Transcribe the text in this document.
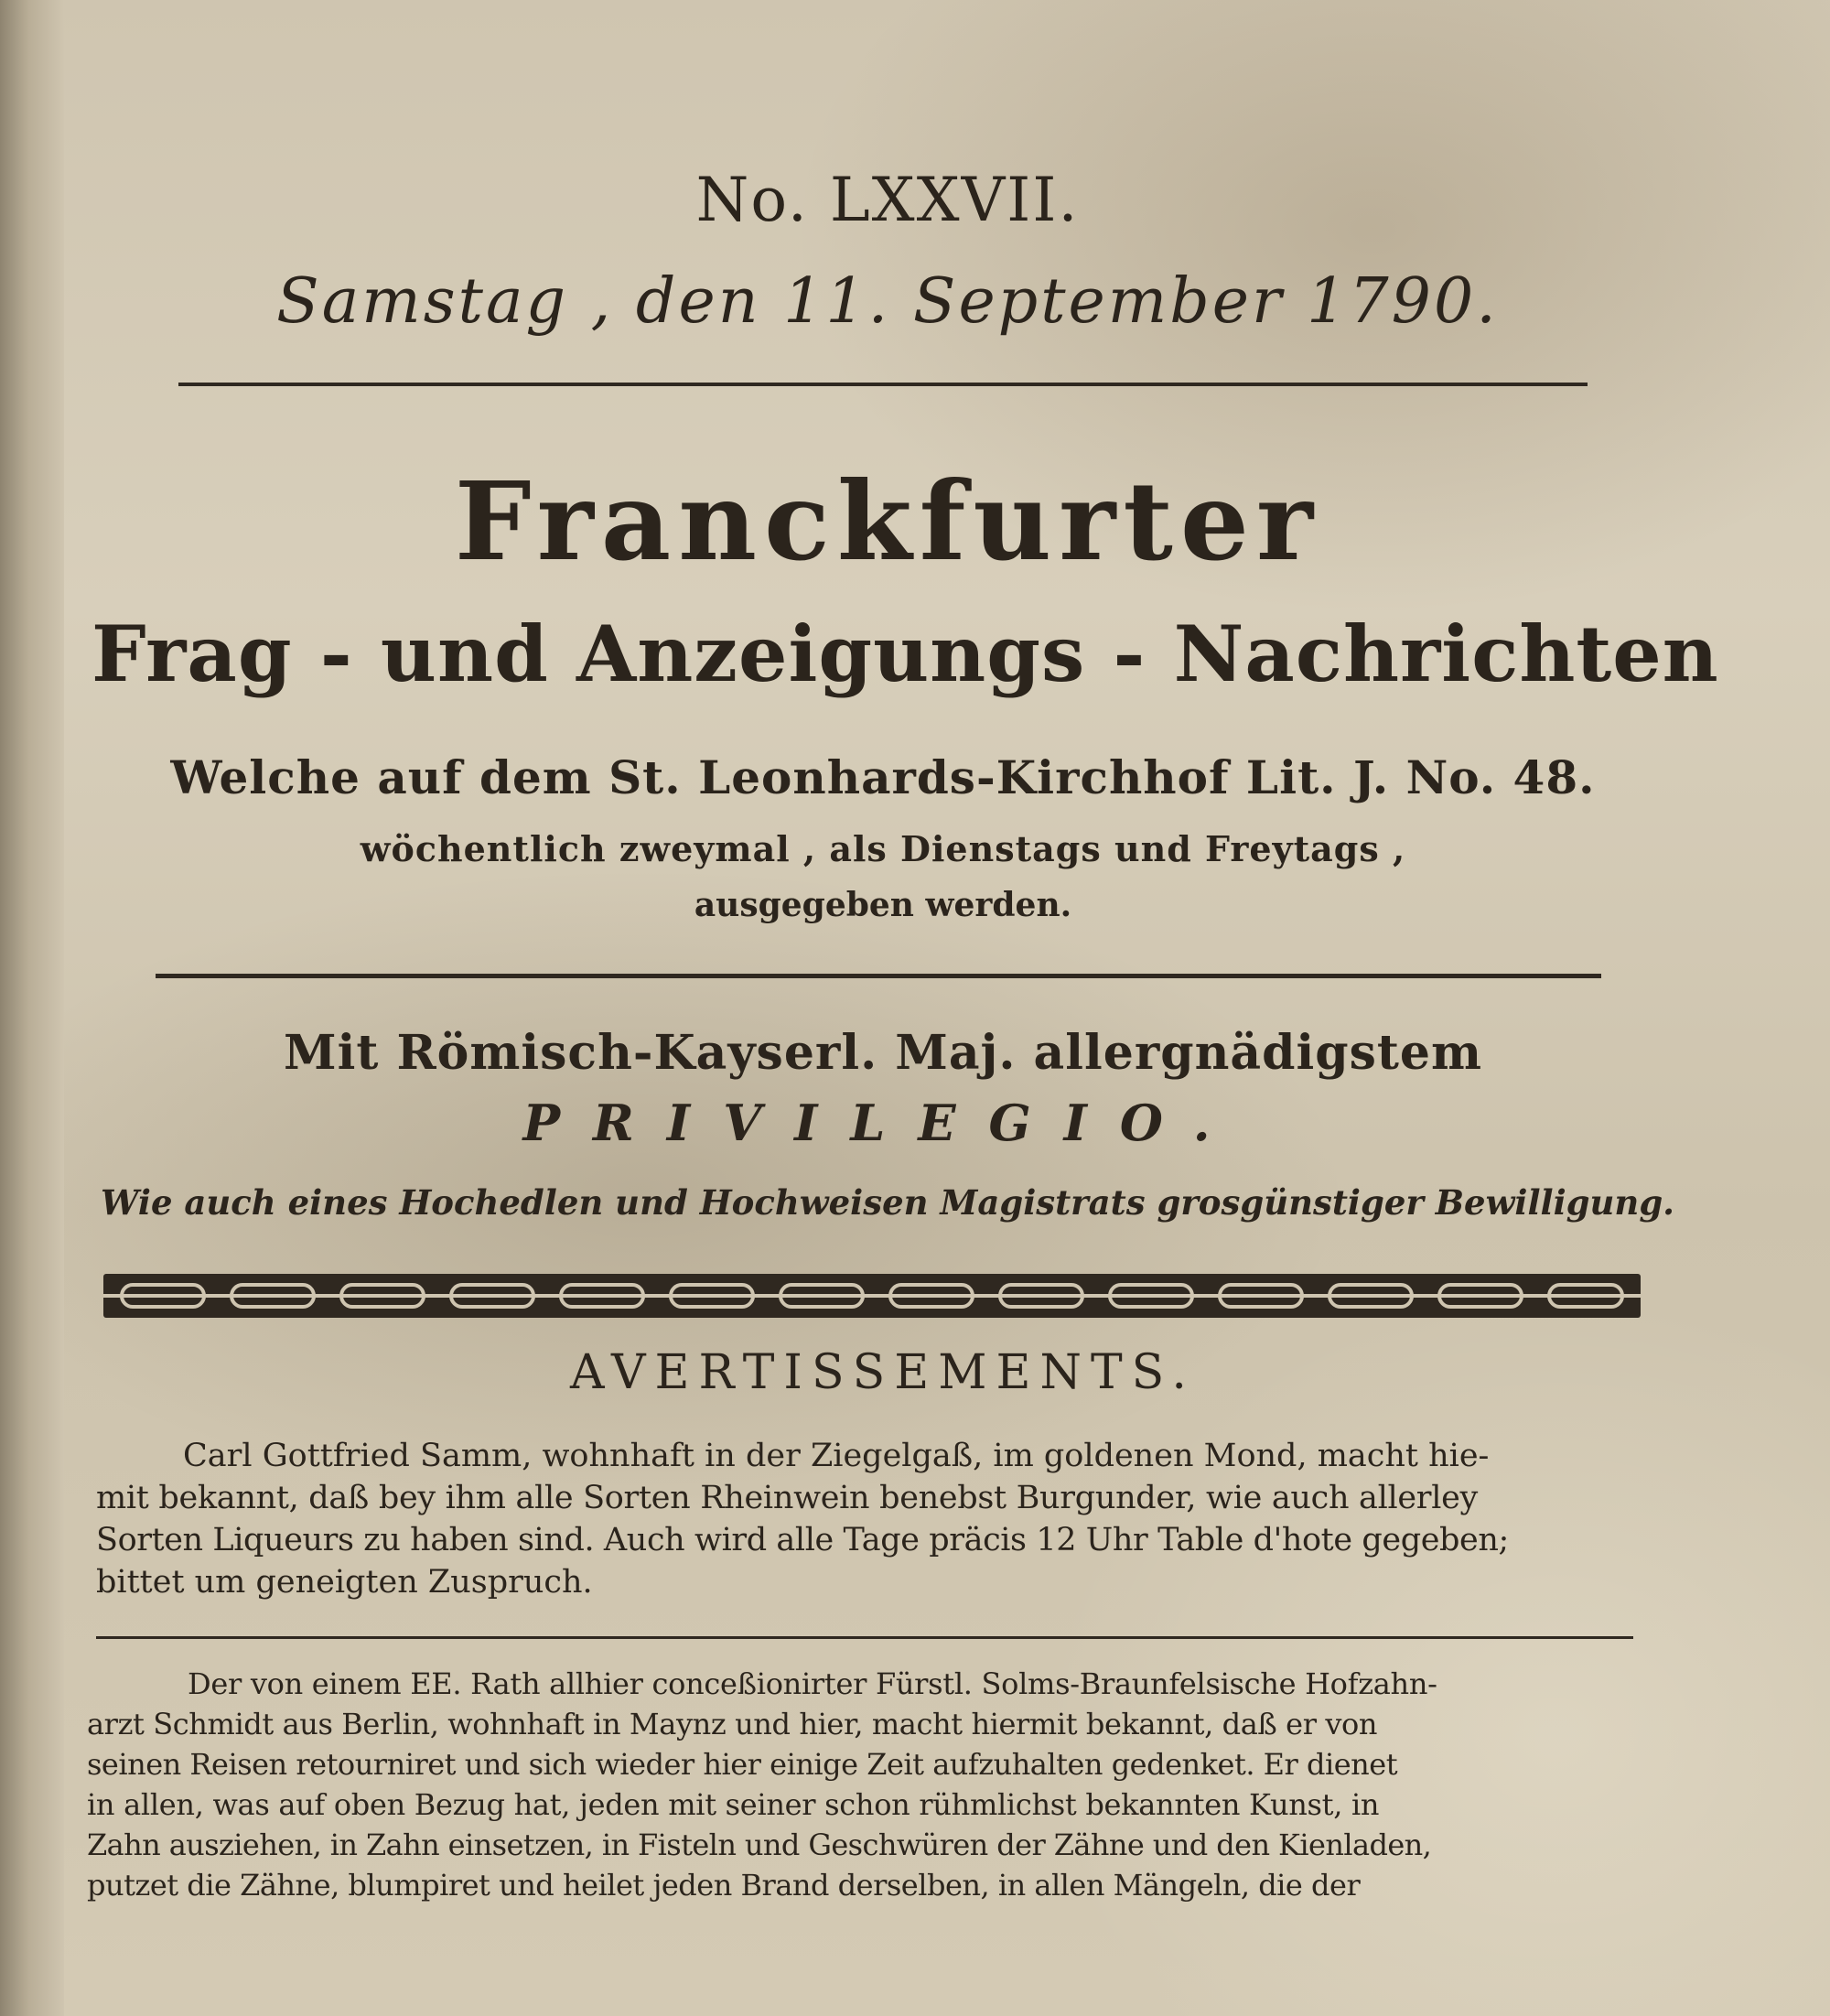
No. LXXVII.
Samstag , den 11. September 1790.
Franckfurter
Frag - und Anzeigungs - Nachrichten
Welche auf dem St. Leonhards-Kirchhof Lit. J. No. 48.
wöchentlich zweymal , als Dienstags und Freytags ,
ausgegeben werden.
Mit Römisch-Kayserl. Maj. allergnädigstem
PRIVILEGIO.
Wie auch eines Hochedlen und Hochweisen Magistrats grosgünstiger Bewilligung.
AVERTISSEMENTS.
Carl Gottfried Samm, wohnhaft in der Ziegelgaß, im goldenen Mond, macht hie-
mit bekannt, daß bey ihm alle Sorten Rheinwein benebst Burgunder, wie auch allerley
Sorten Liqueurs zu haben sind. Auch wird alle Tage präcis 12 Uhr Table d'hote gegeben;
bittet um geneigten Zuspruch.
Der von einem EE. Rath allhier conceßionirter Fürstl. Solms-Braunfelsische Hofzahn-
arzt Schmidt aus Berlin, wohnhaft in Maynz und hier, macht hiermit bekannt, daß er von
seinen Reisen retourniret und sich wieder hier einige Zeit aufzuhalten gedenket. Er dienet
in allen, was auf oben Bezug hat, jeden mit seiner schon rühmlichst bekannten Kunst, in
Zahn ausziehen, in Zahn einsetzen, in Fisteln und Geschwüren der Zähne und den Kienladen,
putzet die Zähne, blumpiret und heilet jeden Brand derselben, in allen Mängeln, die der
